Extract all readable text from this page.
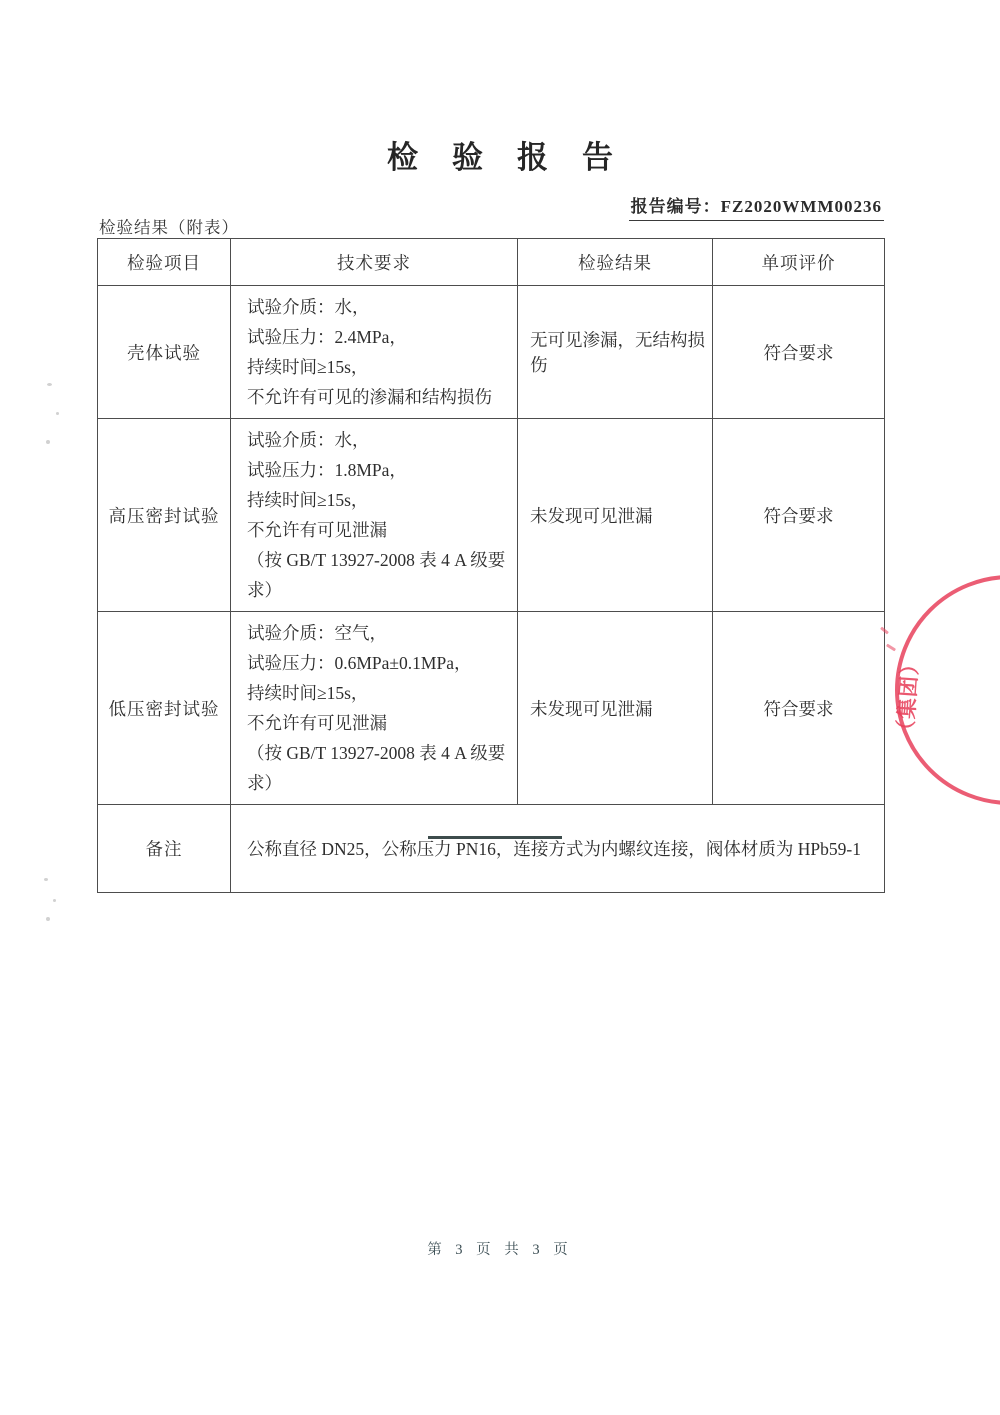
检验报告
报告编号：FZ2020WMM00236
检验结果（附表）
检验项目	技术要求	检验结果	单项评价
壳体试验	试验介质：水，
试验压力：2.4MPa，
持续时间≥15s，
不允许有可见的渗漏和结构损伤	无可见渗漏，无结构损伤	符合要求
高压密封试验	试验介质：水，
试验压力：1.8MPa，
持续时间≥15s，
不允许有可见泄漏
（按 GB/T 13927-2008 表 4 A 级要求）	未发现可见泄漏	符合要求
低压密封试验	试验介质：空气，
试验压力：0.6MPa±0.1MPa，
持续时间≥15s，
不允许有可见泄漏
（按 GB/T 13927-2008 表 4 A 级要求）	未发现可见泄漏	符合要求
备注	公称直径 DN25，公称压力 PN16，连接方式为内螺纹连接，阀体材质为 HPb59-1		
（集团）
第 3 页 共 3 页
